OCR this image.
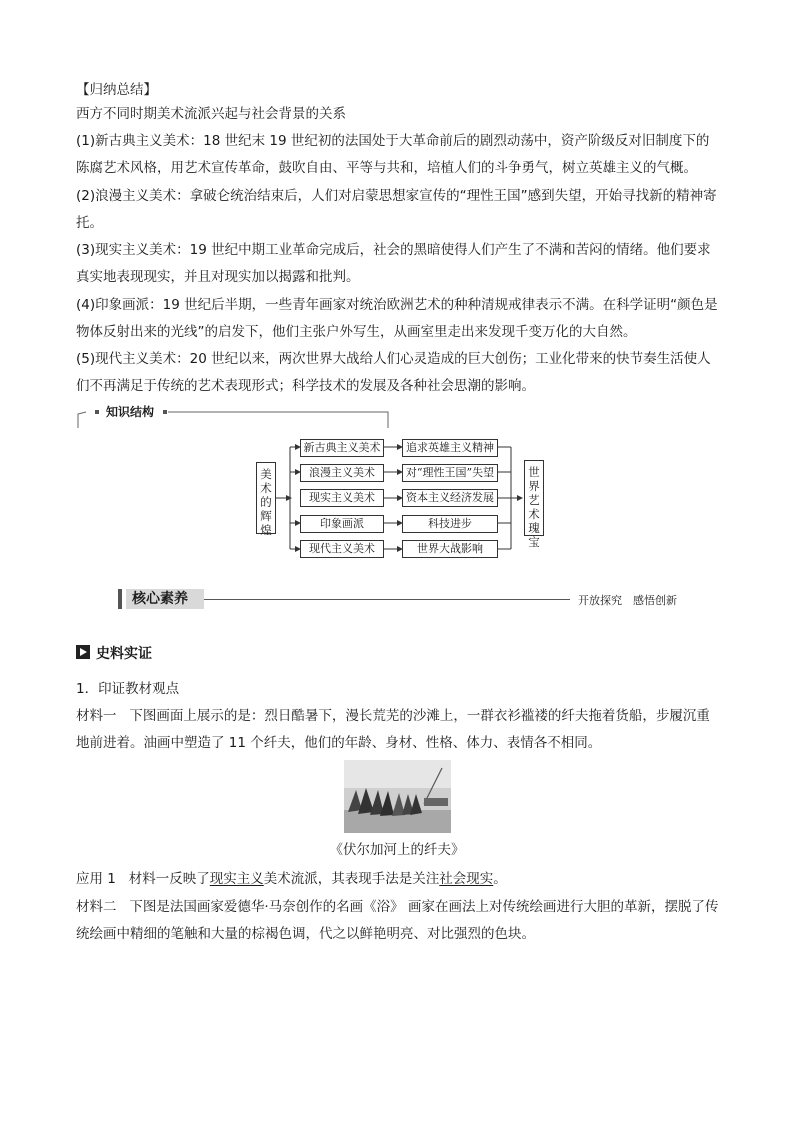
【归纳总结】

西方不同时期美术流派兴起与社会背景的关系

(1)新古典主义美术：18 世纪末 19 世纪初的法国处于大革命前后的剧烈动荡中，资产阶级反对旧制度下的陈腐艺术风格，用艺术宣传革命，鼓吹自由、平等与共和，培植人们的斗争勇气，树立英雄主义的气概。

(2)浪漫主义美术：拿破仑统治结束后，人们对启蒙思想家宣传的“理性王国”感到失望，开始寻找新的精神寄托。

(3)现实主义美术：19 世纪中期工业革命完成后，社会的黑暗使得人们产生了不满和苦闷的情绪。他们要求真实地表现现实，并且对现实加以揭露和批判。

(4)印象画派：19 世纪后半期，一些青年画家对统治欧洲艺术的种种清规戒律表示不满。在科学证明“颜色是物体反射出来的光线”的启发下，他们主张户外写生，从画室里走出来发现千变万化的大自然。

(5)现代主义美术：20 世纪以来，两次世界大战给人们心灵造成的巨大创伤；工业化带来的快节奏生活使人们不再满足于传统的艺术表现形式；科学技术的发展及各种社会思潮的影响。

知识结构
美术的辉煌
新古典主义美术
浪漫主义美术
现实主义美术
印象画派
现代主义美术
追求英雄主义精神
对“理性王国”失望
资本主义经济发展
科技进步
世界大战影响
世界艺术瑰宝
核心素养	开放探究　感悟创新
史料实证

1．印证教材观点

材料一 下图画面上展示的是：烈日酷暑下，漫长荒芜的沙滩上，一群衣衫褴褛的纤夫拖着货船，步履沉重地前进着。油画中塑造了 11 个纤夫，他们的年龄、身材、性格、体力、表情各不相同。

《伏尔加河上的纤夫》

应用 1 材料一反映了现实主义美术流派，其表现手法是关注社会现实。

材料二 下图是法国画家爱德华·马奈创作的名画《浴》 画家在画法上对传统绘画进行大胆的革新，摆脱了传统绘画中精细的笔触和大量的棕褐色调，代之以鲜艳明亮、对比强烈的色块。
